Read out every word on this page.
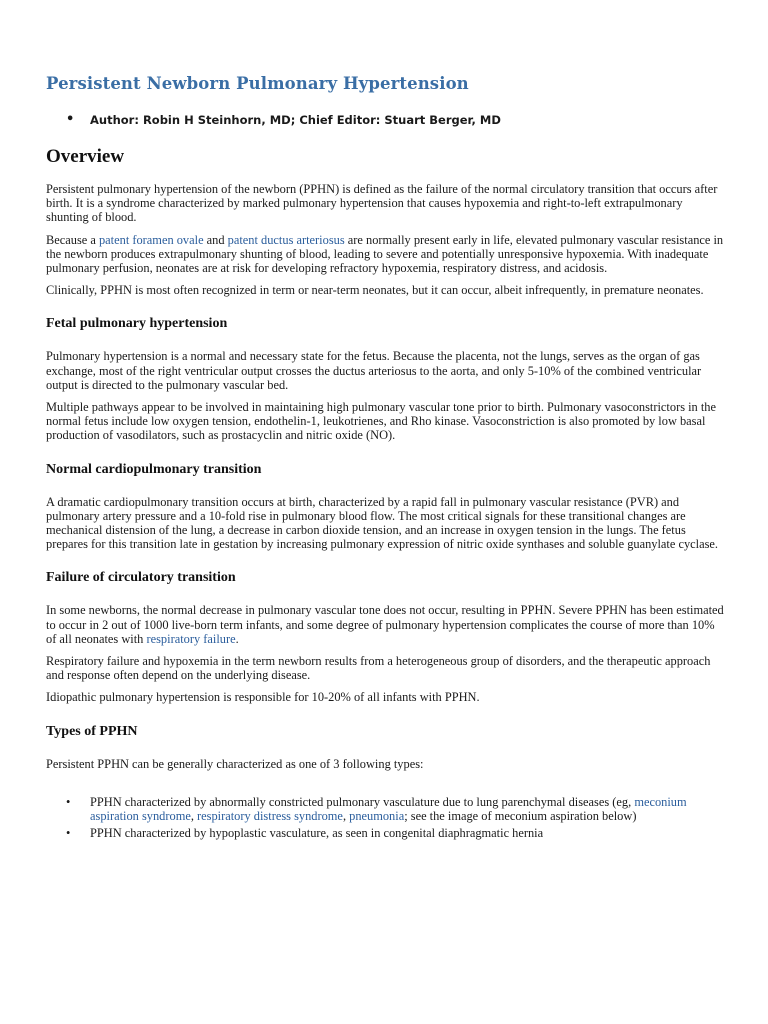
Persistent Newborn Pulmonary Hypertension
• Author: Robin H Steinhorn, MD; Chief Editor: Stuart Berger, MD
Overview

Persistent pulmonary hypertension of the newborn (PPHN) is defined as the failure of the normal circulatory transition that occurs after birth. It is a syndrome characterized by marked pulmonary hypertension that causes hypoxemia and right-to-left extrapulmonary shunting of blood.

Because a patent foramen ovale and patent ductus arteriosus are normally present early in life, elevated pulmonary vascular resistance in the newborn produces extrapulmonary shunting of blood, leading to severe and potentially unresponsive hypoxemia. With inadequate pulmonary perfusion, neonates are at risk for developing refractory hypoxemia, respiratory distress, and acidosis.

Clinically, PPHN is most often recognized in term or near-term neonates, but it can occur, albeit infrequently, in premature neonates.

Fetal pulmonary hypertension

Pulmonary hypertension is a normal and necessary state for the fetus. Because the placenta, not the lungs, serves as the organ of gas exchange, most of the right ventricular output crosses the ductus arteriosus to the aorta, and only 5-10% of the combined ventricular output is directed to the pulmonary vascular bed.

Multiple pathways appear to be involved in maintaining high pulmonary vascular tone prior to birth. Pulmonary vasoconstrictors in the normal fetus include low oxygen tension, endothelin-1, leukotrienes, and Rho kinase. Vasoconstriction is also promoted by low basal production of vasodilators, such as prostacyclin and nitric oxide (NO).

Normal cardiopulmonary transition

A dramatic cardiopulmonary transition occurs at birth, characterized by a rapid fall in pulmonary vascular resistance (PVR) and pulmonary artery pressure and a 10-fold rise in pulmonary blood flow. The most critical signals for these transitional changes are mechanical distension of the lung, a decrease in carbon dioxide tension, and an increase in oxygen tension in the lungs. The fetus prepares for this transition late in gestation by increasing pulmonary expression of nitric oxide synthases and soluble guanylate cyclase.

Failure of circulatory transition

In some newborns, the normal decrease in pulmonary vascular tone does not occur, resulting in PPHN. Severe PPHN has been estimated to occur in 2 out of 1000 live-born term infants, and some degree of pulmonary hypertension complicates the course of more than 10% of all neonates with respiratory failure.

Respiratory failure and hypoxemia in the term newborn results from a heterogeneous group of disorders, and the therapeutic approach and response often depend on the underlying disease.

Idiopathic pulmonary hypertension is responsible for 10-20% of all infants with PPHN.

Types of PPHN

Persistent PPHN can be generally characterized as one of 3 following types:

• PPHN characterized by abnormally constricted pulmonary vasculature due to lung parenchymal diseases (eg, meconium aspiration syndrome, respiratory distress syndrome, pneumonia; see the image of meconium aspiration below)
• PPHN characterized by hypoplastic vasculature, as seen in congenital diaphragmatic hernia
